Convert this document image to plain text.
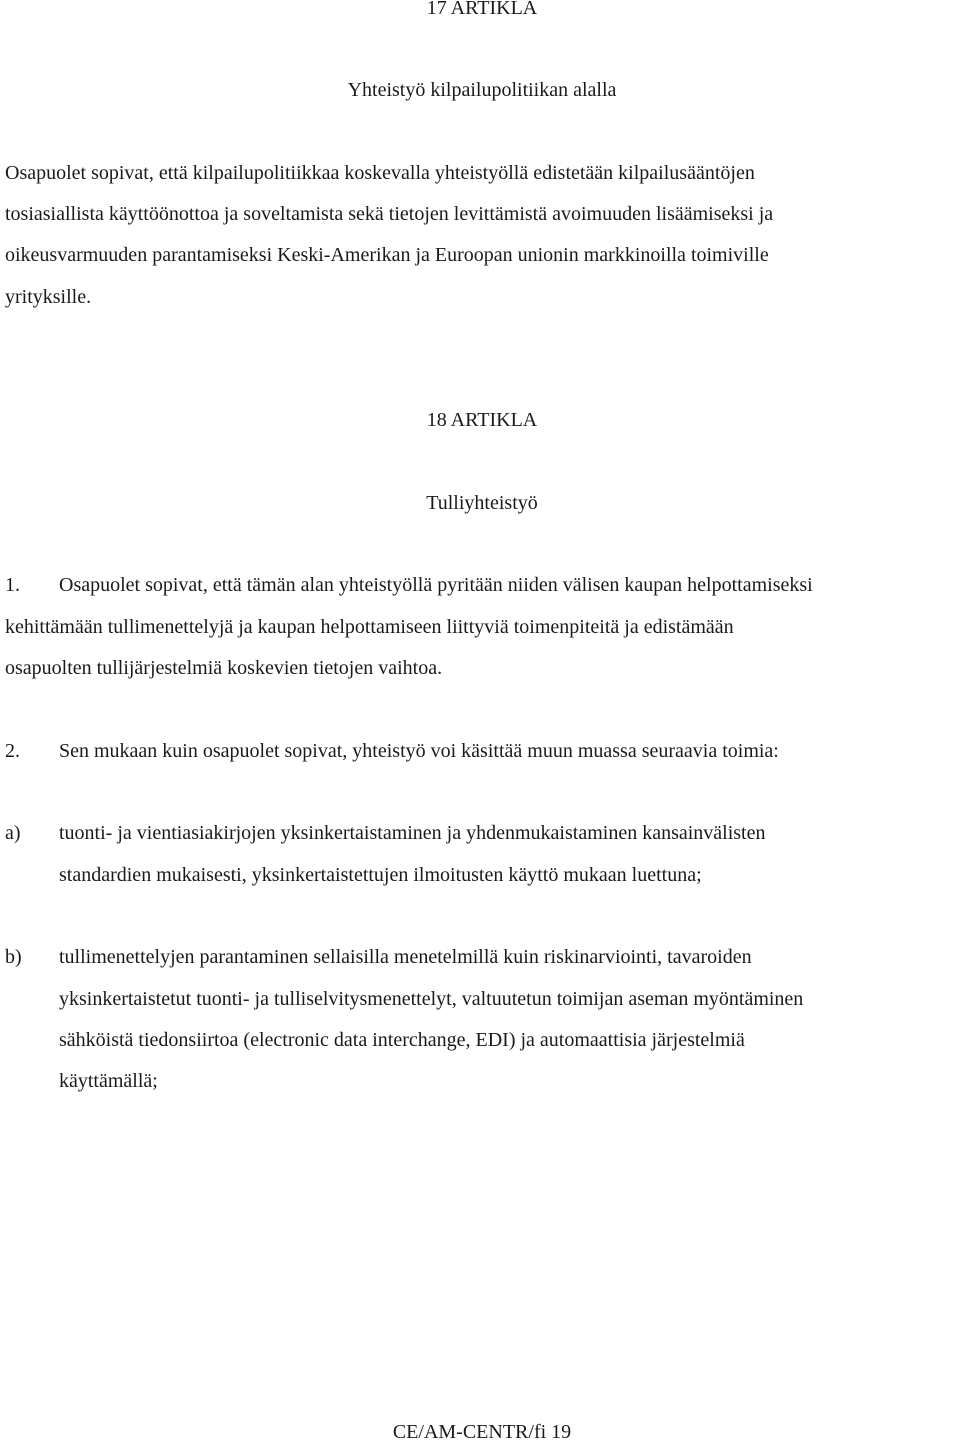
17 ARTIKLA
Yhteistyö kilpailupolitiikan alalla
Osapuolet sopivat, että kilpailupolitiikkaa koskevalla yhteistyöllä edistetään kilpailusääntöjen
tosiasiallista käyttöönottoa ja soveltamista sekä tietojen levittämistä avoimuuden lisäämiseksi ja
oikeusvarmuuden parantamiseksi Keski-Amerikan ja Euroopan unionin markkinoilla toimiville
yrityksille.
18 ARTIKLA
Tulliyhteistyö
1. Osapuolet sopivat, että tämän alan yhteistyöllä pyritään niiden välisen kaupan helpottamiseksi
kehittämään tullimenettelyjä ja kaupan helpottamiseen liittyviä toimenpiteitä ja edistämään
osapuolten tullijärjestelmiä koskevien tietojen vaihtoa.
2. Sen mukaan kuin osapuolet sopivat, yhteistyö voi käsittää muun muassa seuraavia toimia:
a) tuonti- ja vientiasiakirjojen yksinkertaistaminen ja yhdenmukaistaminen kansainvälisten
standardien mukaisesti, yksinkertaistettujen ilmoitusten käyttö mukaan luettuna;
b) tullimenettelyjen parantaminen sellaisilla menetelmillä kuin riskinarviointi, tavaroiden
yksinkertaistetut tuonti- ja tulliselvitysmenettelyt, valtuutetun toimijan aseman myöntäminen
sähköistä tiedonsiirtoa (electronic data interchange, EDI) ja automaattisia järjestelmiä
käyttämällä;
CE/AM-CENTR/fi 19
